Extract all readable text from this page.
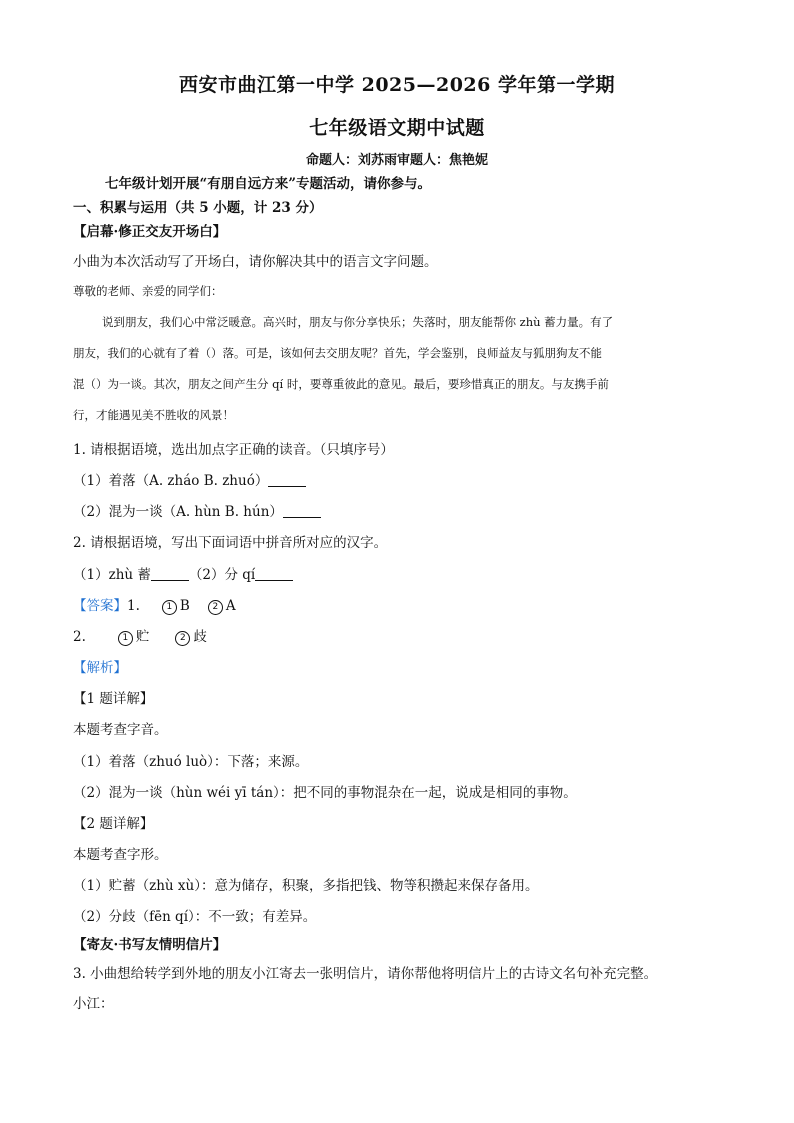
西安市曲江第一中学 2025—2026 学年第一学期
七年级语文期中试题
命题人：刘苏雨审题人：焦艳妮
七年级计划开展“有朋自远方来”专题活动，请你参与。
一、积累与运用（共 5 小题，计 23 分）
【启幕·修正交友开场白】
小曲为本次活动写了开场白，请你解决其中的语言文字问题。
尊敬的老师、亲爱的同学们：
说到朋友，我们心中常泛暖意。高兴时，朋友与你分享快乐；失落时，朋友能帮你 zhù 蓄力量。有了
朋友，我们的心就有了着（）落。可是，该如何去交朋友呢？首先，学会鉴别，良师益友与狐朋狗友不能
混（）为一谈。其次，朋友之间产生分 qí 时，要尊重彼此的意见。最后，要珍惜真正的朋友。与友携手前
行，才能遇见美不胜收的风景！
1. 请根据语境，选出加点字正确的读音。（只填序号）
（1）着落（A. zháo B. zhuó）
（2）混为一谈（A. hùn B. hún）
2. 请根据语境，写出下面词语中拼音所对应的汉字。
（1）zhù 蓄	（2）分 qí
【答案】1.	1 B	2 A
2.	1 贮	2 歧
【解析】
【1 题详解】
本题考查字音。
（1）着落（zhuó luò）：下落；来源。
（2）混为一谈（hùn wéi yī tán）：把不同的事物混杂在一起，说成是相同的事物。
【2 题详解】
本题考查字形。
（1）贮蓄（zhù xù）：意为储存，积聚，多指把钱、物等积攒起来保存备用。
（2）分歧（fēn qí）：不一致；有差异。
【寄友·书写友情明信片】
3. 小曲想给转学到外地的朋友小江寄去一张明信片，请你帮他将明信片上的古诗文名句补充完整。
小江：
